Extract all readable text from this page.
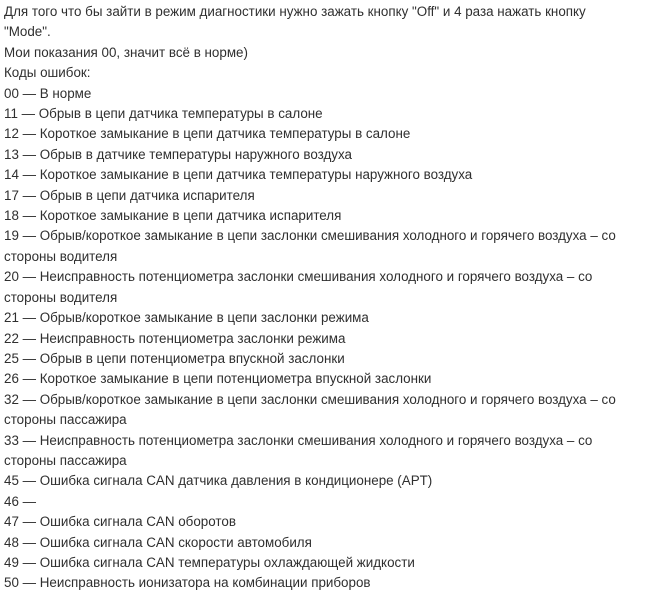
Для того что бы зайти в режим диагностики нужно зажать кнопку "Off" и 4 раза нажать кнопку

"Mode".

Мои показания 00, значит всё в норме)

Коды ошибок:

00 — В норме

11 — Обрыв в цепи датчика температуры в салоне

12 — Короткое замыкание в цепи датчика температуры в салоне

13 — Обрыв в датчике температуры наружного воздуха

14 — Короткое замыкание в цепи датчика температуры наружного воздуха

17 — Обрыв в цепи датчика испарителя

18 — Короткое замыкание в цепи датчика испарителя

19 — Обрыв/короткое замыкание в цепи заслонки смешивания холодного и горячего воздуха – со

стороны водителя

20 — Неисправность потенциометра заслонки смешивания холодного и горячего воздуха – со

стороны водителя

21 — Обрыв/короткое замыкание в цепи заслонки режима

22 — Неисправность потенциометра заслонки режима

25 — Обрыв в цепи потенциометра впускной заслонки

26 — Короткое замыкание в цепи потенциометра впускной заслонки

32 — Обрыв/короткое замыкание в цепи заслонки смешивания холодного и горячего воздуха – со

стороны пассажира

33 — Неисправность потенциометра заслонки смешивания холодного и горячего воздуха – со

стороны пассажира

45 — Ошибка сигнала CAN датчика давления в кондиционере (APT)

46 —

47 — Ошибка сигнала CAN оборотов

48 — Ошибка сигнала CAN скорости автомобиля

49 — Ошибка сигнала CAN температуры охлаждающей жидкости

50 — Неисправность ионизатора на комбинации приборов
